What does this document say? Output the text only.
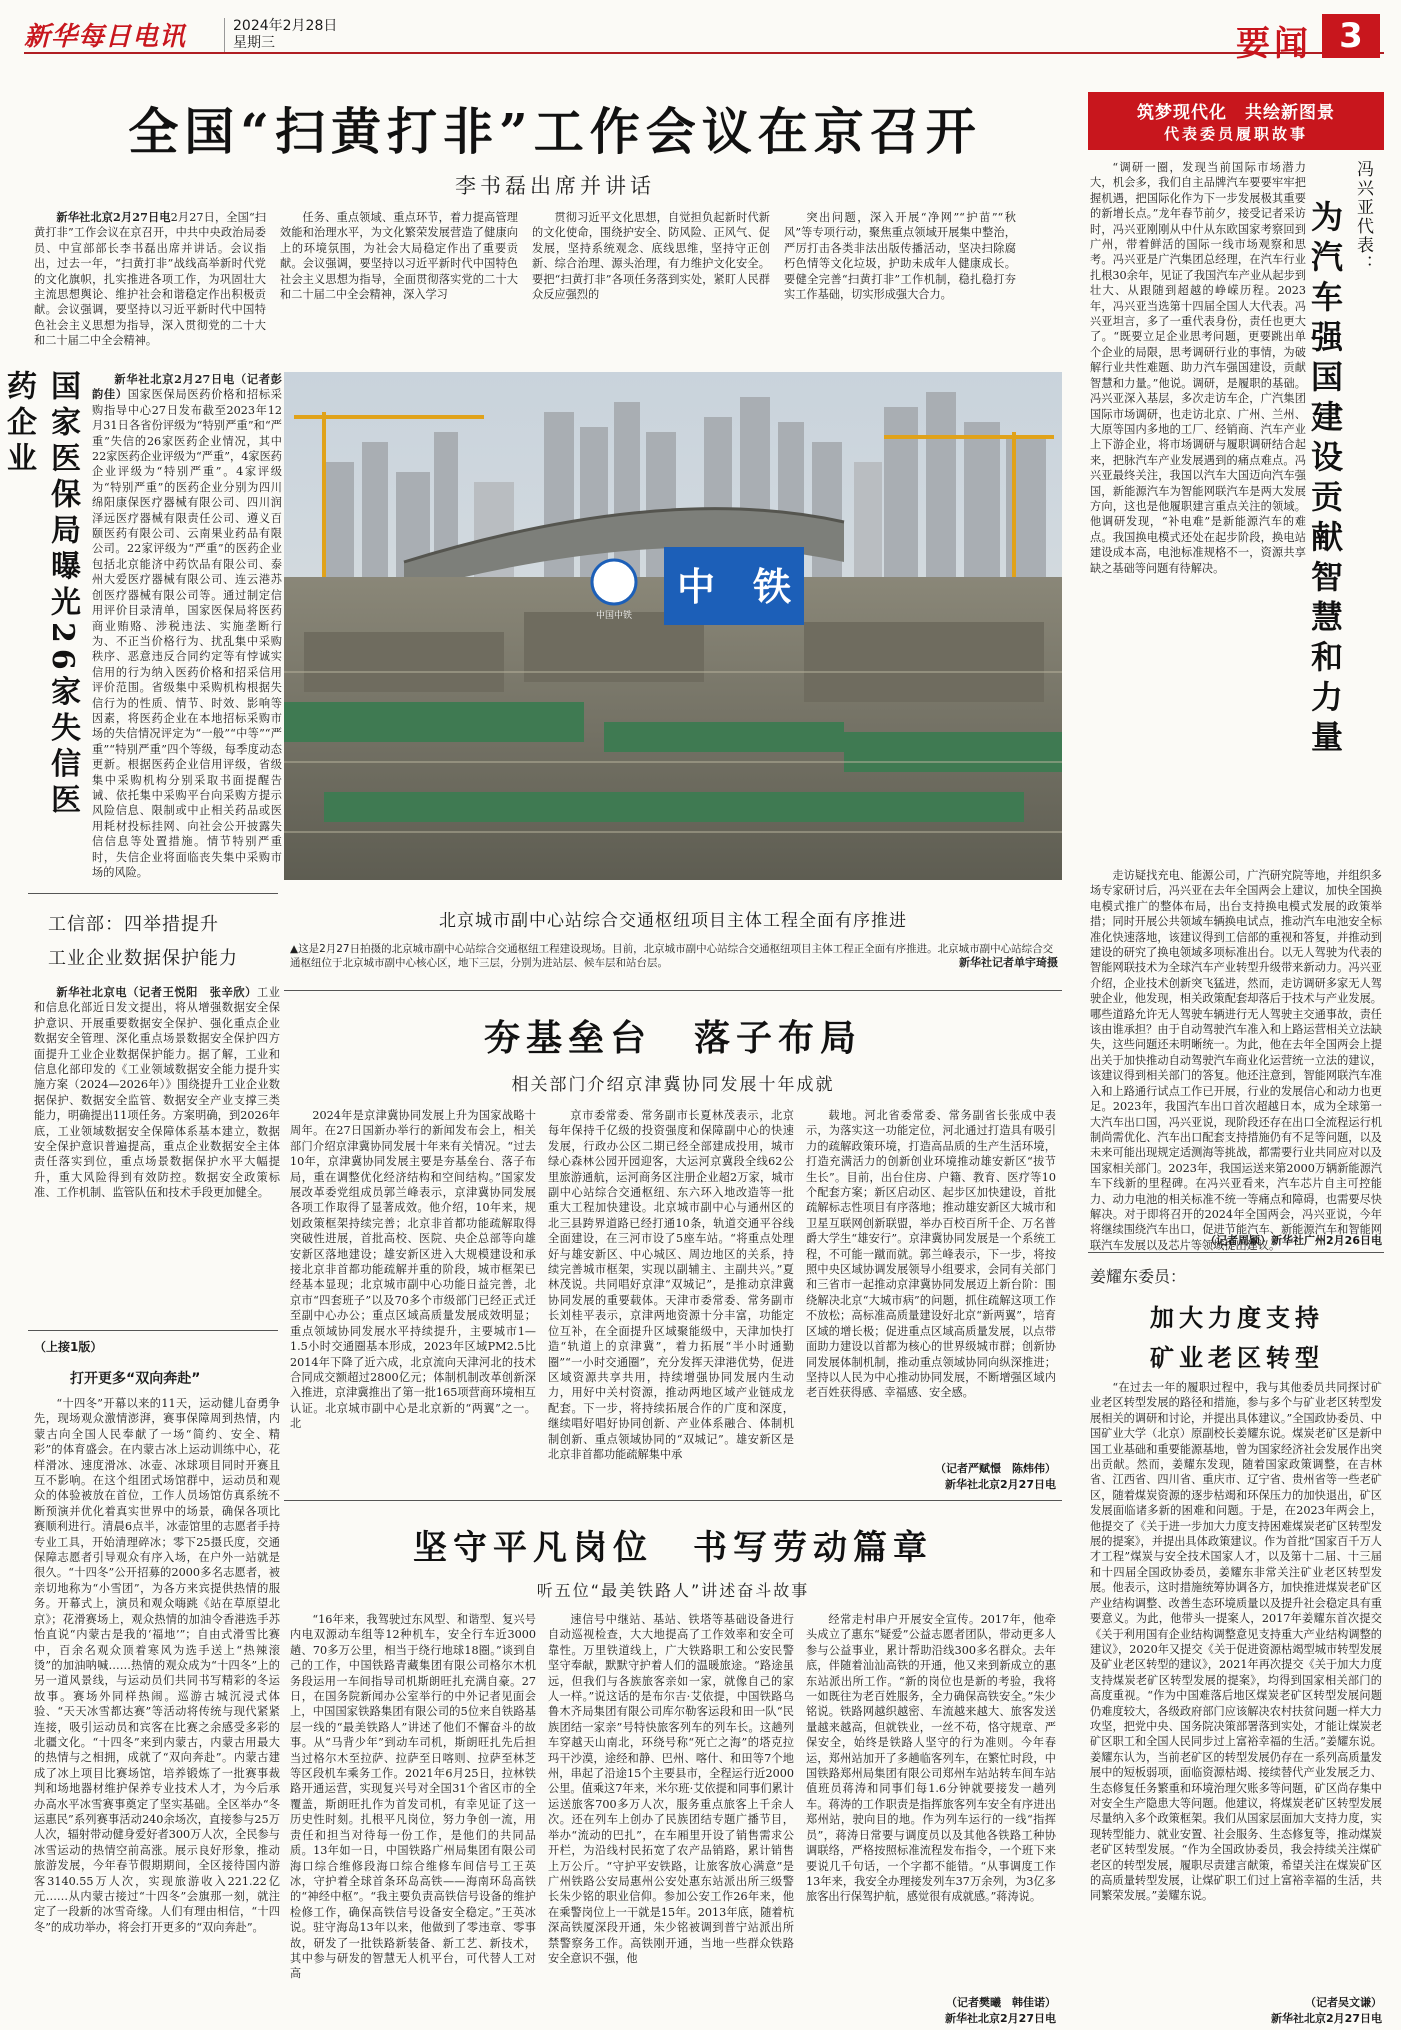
新华每日电讯	2024年2月28日
星期三	要闻 3
全国“扫黄打非”工作会议在京召开
李书磊出席并讲话

新华社北京2月27日电2月27日，全国“扫黄打非”工作会议在京召开，中共中央政治局委员、中宣部部长李书磊出席并讲话。会议指出，过去一年，“扫黄打非”战线高举新时代党的文化旗帜，扎实推进各项工作，为巩固壮大主流思想舆论、维护社会和谐稳定作出积极贡献。会议强调，要坚持以习近平新时代中国特色社会主义思想为指导，深入贯彻党的二十大和二十届二中全会精神。

任务、重点领域、重点环节，着力提高管理效能和治理水平，为文化繁荣发展营造了健康向上的环境氛围，为社会大局稳定作出了重要贡献。会议强调，要坚持以习近平新时代中国特色社会主义思想为指导，全面贯彻落实党的二十大和二十届二中全会精神，深入学习

贯彻习近平文化思想，自觉担负起新时代新的文化使命，围绕护安全、防风险、正风气、促发展，坚持系统观念、底线思维，坚持守正创新、综合治理、源头治理，有力维护文化安全。要把“扫黄打非”各项任务落到实处，紧盯人民群众反应强烈的

突出问题，深入开展“净网”“护苗”“秋风”等专项行动，聚焦重点领域开展集中整治，严厉打击各类非法出版传播活动，坚决扫除腐朽色情等文化垃圾，护助未成年人健康成长。要健全完善“扫黄打非”工作机制，稳扎稳打夯实工作基础，切实形成强大合力。

国家医保局曝光26家失信医药企业	新华社北京2月27日电（记者彭韵佳）国家医保局医药价格和招标采购指导中心27日发布截至2023年12月31日各省份评级为“特别严重”和“严重”失信的26家医药企业情况，其中22家医药企业评级为“严重”，4家医药企业评级为“特别严重”。4家评级为“特别严重”的医药企业分别为四川绵阳康保医疗器械有限公司、四川润泽远医疗器械有限责任公司、遵义百颐医药有限公司、云南果业药品有限公司。22家评级为“严重”的医药企业包括北京能济中药饮品有限公司、泰州大爱医疗器械有限公司、连云港苏创医疗器械有限公司等。通过制定信用评价目录清单，国家医保局将医药商业贿赂、涉税违法、实施垄断行为、不正当价格行为、扰乱集中采购秩序、恶意违反合同约定等有悖诚实信用的行为纳入医药价格和招采信用评价范围。省级集中采购机构根据失信行为的性质、情节、时效、影响等因素，将医药企业在本地招标采购市场的失信情况评定为“一般”“中等”“严重”“特别严重”四个等级，每季度动态更新。根据医药企业信用评级，省级集中采购机构分别采取书面提醒告诫、依托集中采购平台向采购方提示风险信息、限制或中止相关药品或医用耗材投标挂网、向社会公开披露失信信息等处置措施。情节特别严重时，失信企业将面临丧失集中采购市场的风险。

工信部：四举措提升
工业企业数据保护能力

新华社北京电（记者王悦阳　张辛欣）工业和信息化部近日发文提出，将从增强数据安全保护意识、开展重要数据安全保护、强化重点企业数据安全管理、深化重点场景数据安全保护四方面提升工业企业数据保护能力。据了解，工业和信息化部印发的《工业领域数据安全能力提升实施方案（2024—2026年）》围绕提升工业企业数据保护、数据安全监管、数据安全产业支撑三类能力，明确提出11项任务。方案明确，到2026年底，工业领域数据安全保障体系基本建立，数据安全保护意识普遍提高，重点企业数据安全主体责任落实到位，重点场景数据保护水平大幅提升，重大风险得到有效防控。数据安全政策标准、工作机制、监管队伍和技术手段更加健全。

（上接1版）
打开更多“双向奔赴”

“十四冬”开幕以来的11天，运动健儿奋勇争先，现场观众激情澎湃，赛事保障周到热情，内蒙古向全国人民奉献了一场“简约、安全、精彩”的体育盛会。在内蒙古冰上运动训练中心，花样滑冰、速度滑冰、冰壶、冰球项目同时开赛且互不影响。在这个组团式场馆群中，运动员和观众的体验被放在首位，工作人员场馆仿真系统不断预演并优化着真实世界中的场景，确保各项比赛顺利进行。清晨6点半，冰壶馆里的志愿者手持专业工具，开始清理碎冰；零下25摄氏度，交通保障志愿者引导观众有序入场，在户外一站就是很久。“十四冬”公开招募的2000多名志愿者，被亲切地称为“小雪团”，为各方来宾提供热情的服务。开幕式上，演员和观众嗨跳《站在草原望北京》；花滑赛场上，观众热情的加油令香港选手苏怡直说“内蒙古是我的‘福地’”；自由式滑雪比赛中，百余名观众顶着寒风为选手送上“热辣滚烫”的加油呐喊……热情的观众成为“十四冬”上的另一道风景线，与运动员们共同书写精彩的冬运故事。赛场外同样热闹。巡游古城沉浸式体验、“天天冰雪都达赛”等活动将传统与现代紧紧连接，吸引运动员和宾客在比赛之余感受多彩的北疆文化。“十四冬”来到内蒙古，内蒙古用最大的热情与之相拥，成就了“双向奔赴”。内蒙古建成了冰上项目比赛场馆，培养锻炼了一批赛事裁判和场地器材维护保养专业技术人才，为今后承办高水平冰雪赛事奠定了坚实基础。全区举办“冬运惠民”系列赛事活动240余场次，直接参与25万人次，辐射带动健身爱好者300万人次，全民参与冰雪运动的热情空前高涨。展示良好形象，推动旅游发展，今年春节假期期间，全区接待国内游客3140.55万人次，实现旅游收入221.22亿元……从内蒙古接过“十四冬”会旗那一刻，就注定了一段新的冰雪奇缘。人们有理由相信，“十四冬”的成功举办，将会打开更多的“双向奔赴”。

中　铁
中国中铁
北京城市副中心站综合交通枢纽项目主体工程全面有序推进
▲这是2月27日拍摄的北京城市副中心站综合交通枢纽工程建设现场。目前，北京城市副中心站综合交通枢纽项目主体工程正全面有序推进。北京城市副中心站综合交通枢纽位于北京城市副中心核心区，地下三层，分别为进站层、候车层和站台层。	新华社记者单宇琦摄
夯基垒台　落子布局
相关部门介绍京津冀协同发展十年成就

2024年是京津冀协同发展上升为国家战略十周年。在27日国新办举行的新闻发布会上，相关部门介绍京津冀协同发展十年来有关情况。“过去10年，京津冀协同发展主要是夯基垒台、落子布局，重在调整优化经济结构和空间结构。”国家发展改革委党组成员郭兰峰表示，京津冀协同发展各项工作取得了显著成效。他介绍，10年来，规划政策框架持续完善；北京非首都功能疏解取得突破性进展，首批高校、医院、央企总部等向雄安新区落地建设；雄安新区进入大规模建设和承接北京非首都功能疏解并重的阶段，城市框架已经基本显现；北京城市副中心功能日益完善，北京市“四套班子”以及70多个市级部门已经正式迁至副中心办公；重点区域高质量发展成效明显；重点领域协同发展水平持续提升，主要城市1—1.5小时交通圈基本形成，2023年区域PM2.5比2014年下降了近六成，北京流向天津河北的技术合同成交额超过2800亿元；体制机制改革创新深入推进，京津冀推出了第一批165项营商环境相互认证。北京城市副中心是北京新的“两翼”之一。北

京市委常委、常务副市长夏林茂表示，北京每年保持千亿级的投资强度和保障副中心的快速发展，行政办公区二期已经全部建成投用，城市绿心森林公园开园迎客，大运河京冀段全线62公里旅游通航，运河商务区注册企业超2万家，城市副中心站综合交通枢纽、东六环入地改造等一批重大工程加快建设。北京城市副中心与通州区的北三县跨界道路已经打通10条，轨道交通平谷线全面建设，在三河市设了5座车站。“将重点处理好与雄安新区、中心城区、周边地区的关系，持续完善城市框架，实现以副辅主、主副共兴。”夏林茂说。共同唱好京津“双城记”，是推动京津冀协同发展的重要载体。天津市委常委、常务副市长刘桂平表示，京津两地资源十分丰富，功能定位互补，在全面提升区域聚能级中，天津加快打造“轨道上的京津冀”，着力拓展“半小时通勤圈”“一小时交通圈”，充分发挥天津港优势，促进区域资源共享共用，持续增强协同发展内生动力，用好中关村资源，推动两地区域产业链成龙配套。下一步，将持续拓展合作的广度和深度，继续唱好唱好协同创新、产业体系融合、体制机制创新、重点领域协同的“双城记”。雄安新区是北京非首都功能疏解集中承

载地。河北省委常委、常务副省长张成中表示，为落实这一功能定位，河北通过打造具有吸引力的疏解政策环境，打造高品质的生产生活环境，打造充满活力的创新创业环境推动雄安新区“拔节生长”。目前，出台住房、户籍、教育、医疗等10个配套方案；新区启动区、起步区加快建设，首批疏解标志性项目有序落地；推动雄安新区大城市和卫星互联网创新联盟，举办百校百所千企、万名普爵大学生“雄安行”。京津冀协同发展是一个系统工程，不可能一蹴而就。郭兰峰表示，下一步，将按照中央区域协调发展领导小组要求，会同有关部门和三省市一起推动京津冀协同发展迈上新台阶：围绕解决北京“大城市病”的问题，抓住疏解这项工作不放松；高标准高质量建设好北京“新两翼”，培育区域的增长极；促进重点区域高质量发展，以点带面助力建设以首都为核心的世界级城市群；创新协同发展体制机制，推动重点领域协同向纵深推进；坚持以人民为中心推动协同发展，不断增强区域内老百姓获得感、幸福感、安全感。

（记者严赋憬　陈炜伟）
新华社北京2月27日电
坚守平凡岗位　书写劳动篇章
听五位“最美铁路人”讲述奋斗故事

“16年来，我驾驶过东风型、和谐型、复兴号内电双源动车组等12种机车，安全行车近3000趟、70多万公里，相当于绕行地球18圈。”谈到自己的工作，中国铁路青藏集团有限公司格尔木机务段运用一车间指导司机斯朗旺扎充满自豪。27日，在国务院新闻办公室举行的中外记者见面会上，中国国家铁路集团有限公司的5位来自铁路基层一线的“最美铁路人”讲述了他们不懈奋斗的故事。从“马背少年”到动车司机，斯朗旺扎先后担当过格尔木至拉萨、拉萨至日喀则、拉萨至林芝等区段机车乘务工作。2021年6月25日，拉林铁路开通运营，实现复兴号对全国31个省区市的全覆盖，斯朗旺扎作为首发司机，有幸见证了这一历史性时刻。扎根平凡岗位，努力争创一流，用责任和担当对待每一份工作，是他们的共同品质。13年如一日，中国铁路广州局集团有限公司海口综合维修段海口综合维修车间信号工王英冰，守护着全球首条环岛高铁——海南环岛高铁的“神经中枢”。“我主要负责高铁信号设备的维护检修工作，确保高铁信号设备安全稳定。”王英冰说。驻守海岛13年以来，他做到了零违章、零事故，研发了一批铁路新装备、新工艺、新技术，其中参与研发的智慧无人机平台，可代替人工对高

速信号中继站、基站、铁塔等基础设备进行自动巡视检查，大大地提高了工作效率和安全可靠性。万里铁道线上，广大铁路职工和公安民警坚守奉献，默默守护着人们的温暖旅途。“路途虽远，但我们与各族旅客亲如一家，就像自己的家人一样。”说这话的是布尔吉·艾依提，中国铁路乌鲁木齐局集团有限公司库尔勒客运段和田一队“民族团结一家亲”号特快旅客列车的列车长。这趟列车穿越天山南北，环绕号称“死亡之海”的塔克拉玛干沙漠，途经和静、巴州、喀什、和田等7个地州，串起了沿途15个主要县市，全程运行近2000公里。值乘这7年来，米尔班·艾依提和同事们累计运送旅客700多万人次，服务重点旅客上千余人次。还在列车上创办了民族团结专题广播节目，举办“流动的巴扎”，在车厢里开设了销售需求公开栏，为沿线村民拓宽了农产品销路，累计销售上万公斤。“守护平安铁路，让旅客放心满意”是广州铁路公安局惠州公安处惠东站派出所三级警长朱少铭的职业信仰。参加公安工作26年来，他在乘警岗位上一干就是15年。2013年底，随着杭深高铁厦深段开通，朱少铭被调到普宁站派出所禁警察务工作。高铁刚开通，当地一些群众铁路安全意识不强，他

经常走村串户开展安全宣传。2017年，他牵头成立了惠东“疑爱”公益志愿者团队，带动更多人参与公益事业，累计帮助沿线300多名群众。去年底，伴随着汕汕高铁的开通，他又来到新成立的惠东站派出所工作。“新的岗位也是新的考验，我将一如既往为老百姓服务，全力确保高铁安全。”朱少铭说。铁路网越织越密、车流越来越大、旅客发送量越来越高，但就铁业，一丝不苟，恪守规章、严保安全，始终是铁路人坚守的行为准则。今年春运，郑州站加开了多趟临客列车，在繁忙时段，中国铁路郑州局集团有限公司郑州车站站转车间车站值班员蒋涛和同事们每1.6分钟就要接发一趟列车。蒋涛的工作职责是指挥旅客列车安全有序进出郑州站，驶向目的地。作为列车运行的一线“指挥员”，蒋涛日常要与调度员以及其他各铁路工种协调联络，严格按照标准流程发布指令，一个班下来要说几千句话，一个字都不能错。“从事调度工作13年来，我安全办理接发列车37万余列，为3亿多旅客出行保驾护航，感觉很有成就感。”蒋涛说。

（记者樊曦　韩佳诺）
新华社北京2月27日电
筑梦现代化　共绘新图景
代表委员履职故事

“调研一圈，发现当前国际市场潜力大，机会多，我们自主品牌汽车要要牢牢把握机遇，把国际化作为下一步发展极其重要的新增长点。”龙年春节前夕，接受记者采访时，冯兴亚刚刚从中什从东欧国家考察回到广州，带着鲜活的国际一线市场观察和思考。冯兴亚是广汽集团总经理，在汽车行业扎根30余年，见证了我国汽车产业从起步到壮大、从跟随到超越的峥嵘历程。2023年，冯兴亚当选第十四届全国人大代表。冯兴亚坦言，多了一重代表身份，责任也更大了。“既要立足企业思考问题，更要跳出单个企业的局限，思考调研行业的事情，为破解行业共性难题、助力汽车强国建设，贡献智慧和力量。”他说。调研，是履职的基础。冯兴亚深入基层，多次走访车企，广汽集团国际市场调研，也走访北京、广州、兰州、大原等国内多地的工厂、经销商、汽车产业上下游企业，将市场调研与履职调研结合起来，把脉汽车产业发展遇到的痛点难点。冯兴亚最终关注，我国以汽车大国迈向汽车强国，新能源汽车为智能网联汽车是两大发展方向，这也是他履职建言重点关注的领域。他调研发现，“补电难”是新能源汽车的难点。我国换电模式还处在起步阶段，换电站建设成本高，电池标准规格不一，资源共享缺之基础等问题有待解决。

冯兴亚代表：
为汽车强国建设贡献智慧和力量

走访疑找充电、能源公司，广汽研究院等地，并组织多场专家研讨后，冯兴亚在去年全国两会上建议，加快全国换电模式推广的整体布局，出台支持换电模式发展的政策举措；同时开展公共领域车辆换电试点，推动汽车电池安全标准化快速落地，该建议得到工信部的重视和答复，并推动到建设的研究了换电领域多项标准出台。以无人驾驶为代表的智能网联技术为全球汽车产业转型升级带来新动力。冯兴亚介绍，企业技术创新突飞猛进，然而，走访调研多家无人驾驶企业，他发现，相关政策配套却落后于技术与产业发展。哪些道路允许无人驾驶车辆进行无人驾驶主交通事故，责任该由谁承担？由于自动驾驶汽车准入和上路运营相关立法缺失，这些问题还未明晰统一。为此，他在去年全国两会上提出关于加快推动自动驾驶汽车商业化运营统一立法的建议，该建议得到相关部门的答复。他还注意到，智能网联汽车准入和上路通行试点工作已开展，行业的发展信心和动力也更足。2023年，我国汽车出口首次超越日本，成为全球第一大汽车出口国，冯兴亚说，现阶段还存在出口全流程运行机制尚需优化、汽车出口配套支持措施仍有不足等问题，以及未来可能出现规定适测海等挑战，都需要行业共同应对以及国家相关部门。2023年，我国运送来第2000万辆新能源汽车下线新的里程碑。在冯兴亚看来，汽车芯片自主可控能力、动力电池的相关标准不统一等痛点和障碍，也需要尽快解决。对于即将召开的2024年全国两会，冯兴亚说，今年将继续围绕汽车出口，促进节能汽车、新能源汽车和智能网联汽车发展以及芯片等领域提出建议。

（记者周颖）新华社广州2月26日电
姜耀东委员：
加大力度支持
矿业老区转型

“在过去一年的履职过程中，我与其他委员共同探讨矿业老区转型发展的路径和措施，参与多个与矿业老区转型发展相关的调研和讨论，并提出具体建议。”全国政协委员、中国矿业大学（北京）原副校长姜耀东说。煤炭老矿区是新中国工业基础和重要能源基地，曾为国家经济社会发展作出突出贡献。然而，姜耀东发现，随着国家政策调整，在吉林省、江西省、四川省、重庆市、辽宁省、贵州省等一些老矿区，随着煤炭资源的逐步枯竭和环保压力的加快退出，矿区发展面临诸多新的困难和问题。于是，在2023年两会上，他提交了《关于进一步加大力度支持困难煤炭老矿区转型发展的提案》，并提出具体政策建议。作为首批“国家百千万人才工程”煤炭与安全技术国家人才，以及第十二届、十三届和十四届全国政协委员，姜耀东非常关注矿业老区转型发展。他表示，这时措施统筹协调各方，加快推进煤炭老矿区产业结构调整、改善生态环境质量以及提升社会稳定具有重要意义。为此，他带头一提案人，2017年姜耀东首次提交《关于利用国有企业结构调整意见支持重大产业结构调整的建议》，2020年又提交《关于促进资源枯竭型城市转型发展及矿业老区转型的建议》，2021年再次提交《关于加大力度支持煤炭老矿区转型发展的提案》，均得到国家相关部门的高度重视。“作为中国难落后地区煤炭老矿区转型发展问题仍难度较大，各级政府部门应该解决农村扶贫问题一样大力攻坚，把党中央、国务院决策部署落到实处，才能让煤炭老矿区职工和全国人民同步过上富裕幸福的生活。”姜耀东说。姜耀东认为，当前老矿区的转型发展仍存在一系列高质量发展中的短板弱项，面临资源枯竭、接续替代产业发展乏力、生态修复任务繁重和环境治理欠账多等问题，矿区尚存集中对安全生产隐患大等问题。他建议，将煤炭老矿区转型发展尽量纳入多个政策框架。我们从国家层面加大支持力度，实现转型能力、就业安置、社会服务、生态修复等，推动煤炭老矿区转型发展。“作为全国政协委员，我会持续关注煤矿老区的转型发展，履职尽责建言献策，希望关注在煤炭矿区的高质量转型发展，让煤矿职工们过上富裕幸福的生活，共同繁荣发展。”姜耀东说。

（记者吴文谦）
新华社北京2月27日电
